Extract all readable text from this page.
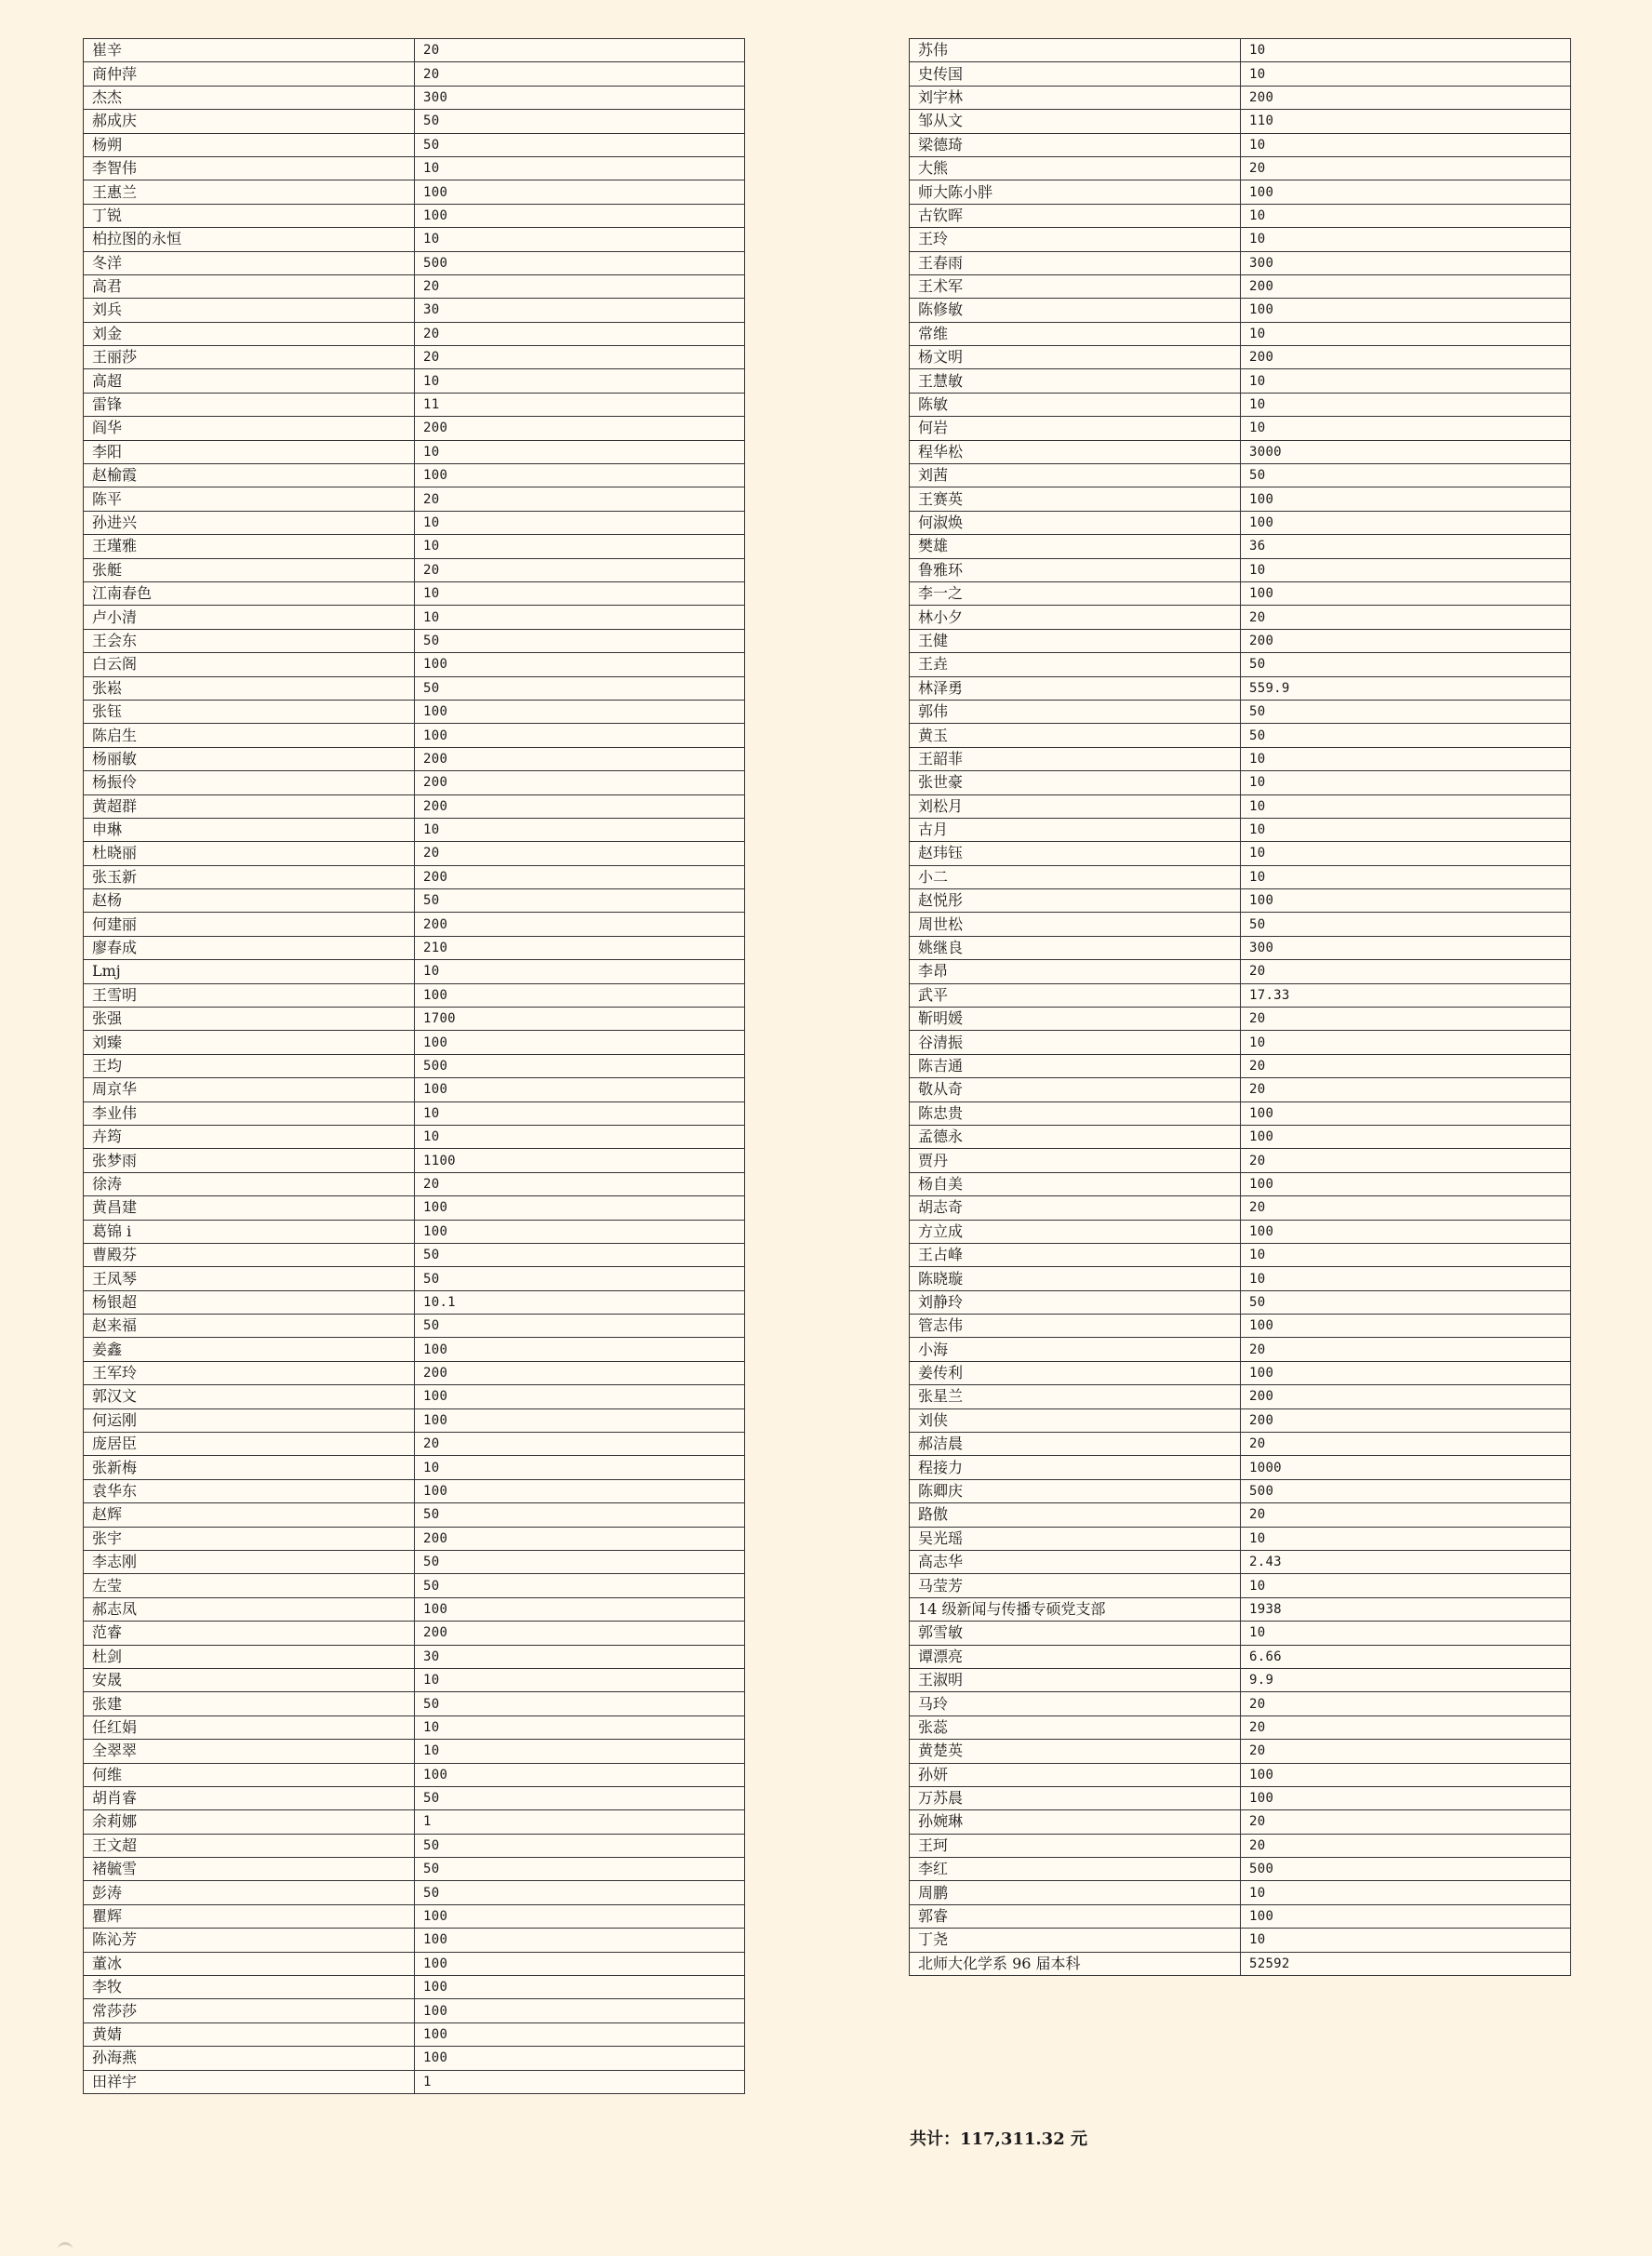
崔辛	20
商仲萍	20
杰杰	300
郝成庆	50
杨朔	50
李智伟	10
王惠兰	100
丁锐	100
柏拉图的永恒	10
冬洋	500
高君	20
刘兵	30
刘金	20
王丽莎	20
高超	10
雷锋	11
阎华	200
李阳	10
赵榆霞	100
陈平	20
孙进兴	10
王瑾雅	10
张艇	20
江南春色	10
卢小清	10
王会东	50
白云阁	100
张崧	50
张钰	100
陈启生	100
杨丽敏	200
杨振伶	200
黄超群	200
申琳	10
杜晓丽	20
张玉新	200
赵杨	50
何建丽	200
廖春成	210
Lmj	10
王雪明	100
张强	1700
刘臻	100
王均	500
周京华	100
李业伟	10
卉筠	10
张梦雨	1100
徐涛	20
黄昌建	100
葛锦 i	100
曹殿芬	50
王凤琴	50
杨银超	10.1
赵来福	50
姜鑫	100
王军玲	200
郭汉文	100
何运刚	100
庞居臣	20
张新梅	10
袁华东	100
赵辉	50
张宇	200
李志刚	50
左莹	50
郝志凤	100
范睿	200
杜剑	30
安晟	10
张建	50
任红娟	10
全翠翠	10
何维	100
胡肖睿	50
余莉娜	1
王文超	50
褚毓雪	50
彭涛	50
瞿辉	100
陈沁芳	100
董冰	100
李牧	100
常莎莎	100
黄婧	100
孙海燕	100
田祥宇	1
苏伟	10
史传国	10
刘宇林	200
邹从文	110
梁德琦	10
大熊	20
师大陈小胖	100
古钦晖	10
王玲	10
王春雨	300
王术军	200
陈修敏	100
常维	10
杨文明	200
王慧敏	10
陈敏	10
何岩	10
程华松	3000
刘茜	50
王赛英	100
何淑焕	100
樊雄	36
鲁雅环	10
李一之	100
林小夕	20
王健	200
王垚	50
林泽勇	559.9
郭伟	50
黄玉	50
王韶菲	10
张世豪	10
刘松月	10
古月	10
赵玮钰	10
小二	10
赵悦彤	100
周世松	50
姚继良	300
李昂	20
武平	17.33
靳明媛	20
谷清振	10
陈吉通	20
敬从奇	20
陈忠贵	100
孟德永	100
贾丹	20
杨自美	100
胡志奇	20
方立成	100
王占峰	10
陈晓璇	10
刘静玲	50
管志伟	100
小海	20
姜传利	100
张星兰	200
刘侠	200
郝洁晨	20
程接力	1000
陈卿庆	500
路傲	20
吴光瑶	10
高志华	2.43
马莹芳	10
14 级新闻与传播专硕党支部	1938
郭雪敏	10
谭漂亮	6.66
王淑明	9.9
马玲	20
张蕊	20
黄楚英	20
孙妍	100
万苏晨	100
孙婉琳	20
王珂	20
李红	500
周鹏	10
郭睿	100
丁尧	10
北师大化学系 96 届本科	52592

共计：117,311.32 元
